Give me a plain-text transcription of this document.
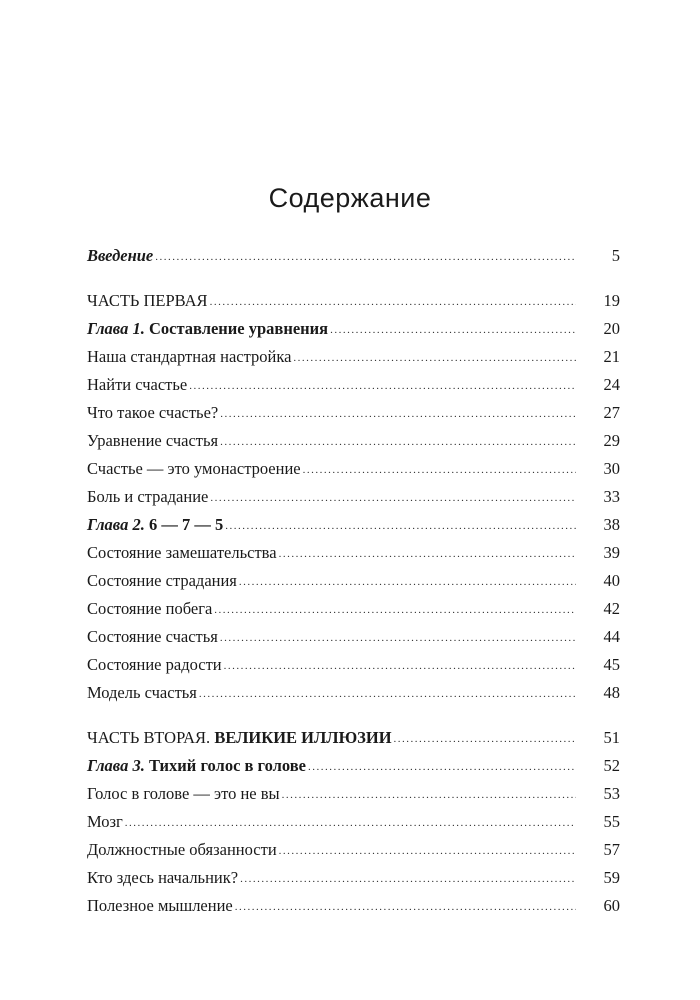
Содержание
Введение .....	5
ЧАСТЬ ПЕРВАЯ .....	19
Глава 1. Составление уравнения .....	20
Наша стандартная настройка .....	21
Найти счастье .....	24
Что такое счастье? .....	27
Уравнение счастья .....	29
Счастье — это умонастроение .....	30
Боль и страдание .....	33
Глава 2. 6 — 7 — 5 .....	38
Состояние замешательства .....	39
Состояние страдания .....	40
Состояние побега .....	42
Состояние счастья .....	44
Состояние радости .....	45
Модель счастья .....	48
ЧАСТЬ ВТОРАЯ. ВЕЛИКИЕ ИЛЛЮЗИИ .....	51
Глава 3. Тихий голос в голове .....	52
Голос в голове — это не вы .....	53
Мозг .....	55
Должностные обязанности .....	57
Кто здесь начальник? .....	59
Полезное мышление .....	60
